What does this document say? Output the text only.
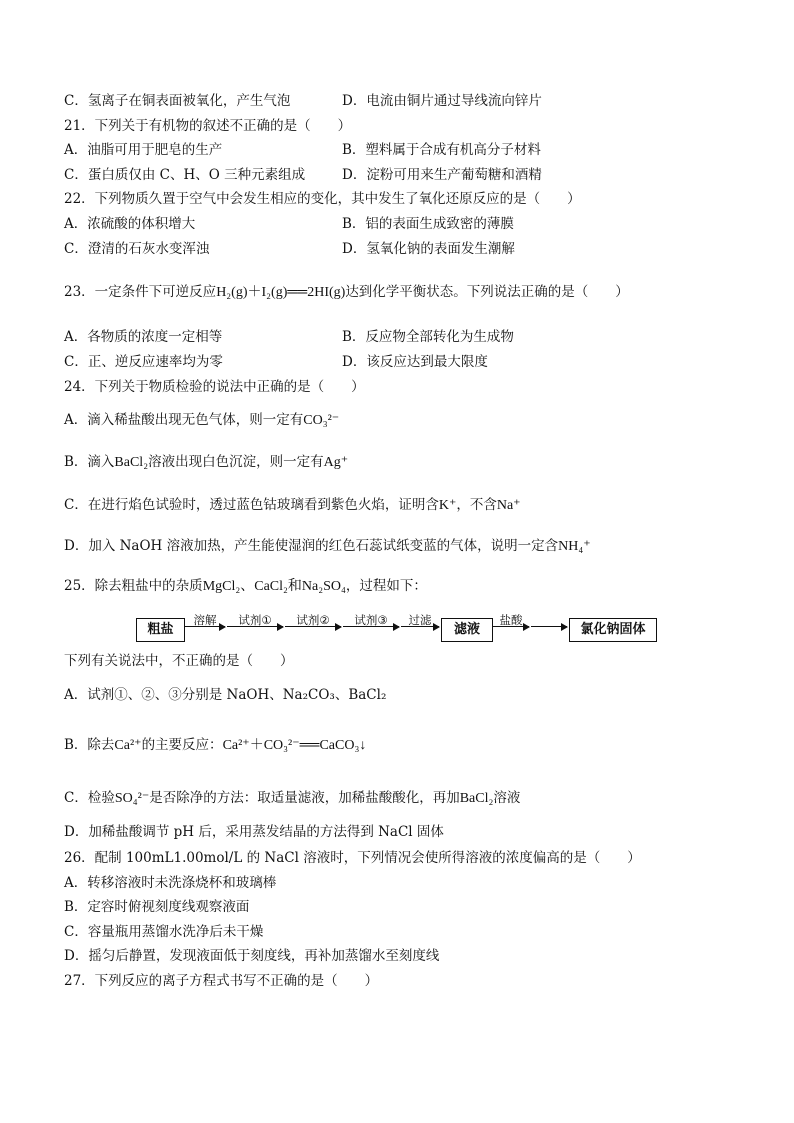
C．氢离子在铜表面被氧化，产生气泡	D．电流由铜片通过导线流向锌片
21．下列关于有机物的叙述不正确的是（　　）
A．油脂可用于肥皂的生产	B．塑料属于合成有机高分子材料
C．蛋白质仅由 C、H、O 三种元素组成	D．淀粉可用来生产葡萄糖和酒精
22．下列物质久置于空气中会发生相应的变化，其中发生了氧化还原反应的是（　　）
A．浓硫酸的体积增大	B．铝的表面生成致密的薄膜
C．澄清的石灰水变浑浊	D．氢氧化钠的表面发生潮解
23．一定条件下可逆反应H₂(g)＋I₂(g)══2HI(g)达到化学平衡状态。下列说法正确的是（　　）
A．各物质的浓度一定相等	B．反应物全部转化为生成物
C．正、逆反应速率均为零	D．该反应达到最大限度
24．下列关于物质检验的说法中正确的是（　　）
A．滴入稀盐酸出现无色气体，则一定有CO₃²⁻
B．滴入BaCl₂溶液出现白色沉淀，则一定有Ag⁺
C．在进行焰色试验时，透过蓝色钴玻璃看到紫色火焰，证明含K⁺，不含Na⁺
D．加入 NaOH 溶液加热，产生能使湿润的红色石蕊试纸变蓝的气体，说明一定含NH₄⁺
25．除去粗盐中的杂质MgCl₂、CaCl₂和Na₂SO₄，过程如下：
粗盐
溶解	试剂①	试剂②	试剂③	过滤
滤液
盐酸
氯化钠固体
下列有关说法中，不正确的是（　　）
A．试剂①、②、③分别是 NaOH、Na₂CO₃、BaCl₂
B．除去Ca²⁺的主要反应：Ca²⁺＋CO₃²⁻══CaCO₃↓
C．检验SO₄²⁻是否除净的方法：取适量滤液，加稀盐酸酸化，再加BaCl₂溶液
D．加稀盐酸调节 pH 后，采用蒸发结晶的方法得到 NaCl 固体
26．配制 100mL1.00mol/L 的 NaCl 溶液时，下列情况会使所得溶液的浓度偏高的是（　　）
A．转移溶液时未洗涤烧杯和玻璃棒
B．定容时俯视刻度线观察液面
C．容量瓶用蒸馏水洗净后未干燥
D．摇匀后静置，发现液面低于刻度线，再补加蒸馏水至刻度线
27．下列反应的离子方程式书写不正确的是（　　）
